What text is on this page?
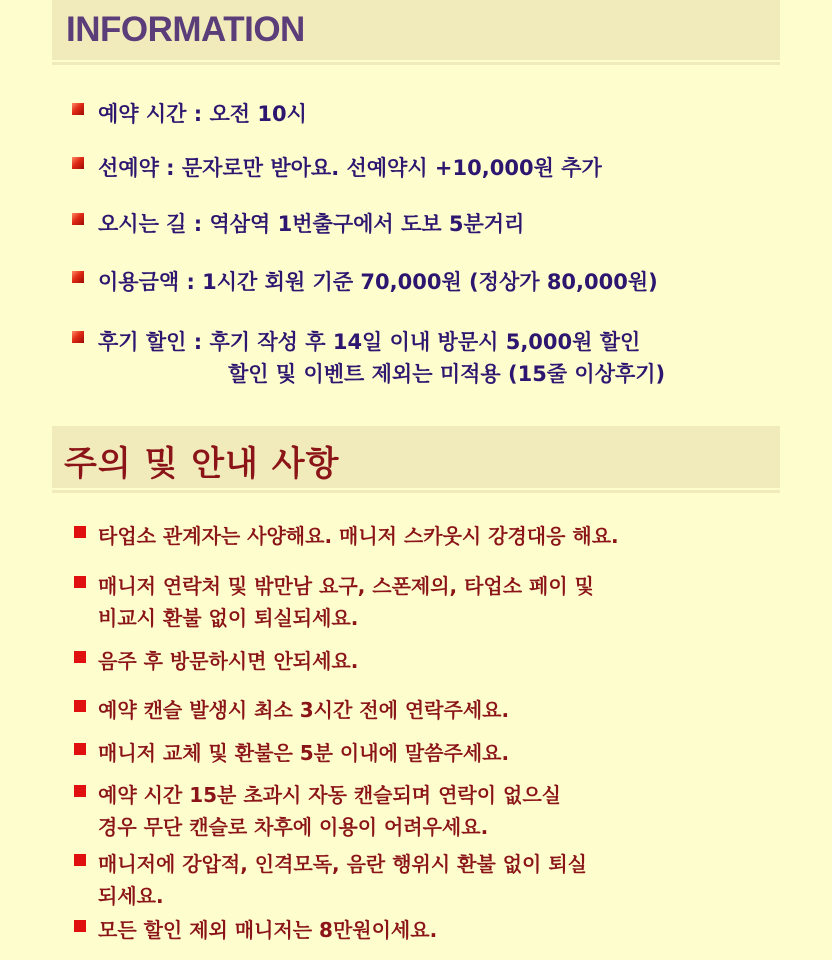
INFORMATION
예약 시간 : 오전 10시
선예약 : 문자로만 받아요. 선예약시 +10,000원 추가
오시는 길 : 역삼역 1번출구에서 도보 5분거리
이용금액 : 1시간 회원 기준 70,000원 (정상가 80,000원)
후기 할인 : 후기 작성 후 14일 이내 방문시 5,000원 할인
할인 및 이벤트 제외는 미적용 (15줄 이상후기)
주의 및 안내 사항
타업소 관계자는 사양해요. 매니저 스카웃시 강경대응 해요.
매니저 연락처 및 밖만남 요구, 스폰제의, 타업소 페이 및
비교시 환불 없이 퇴실되세요.
음주 후 방문하시면 안되세요.
예약 캔슬 발생시 최소 3시간 전에 연락주세요.
매니저 교체 및 환불은 5분 이내에 말씀주세요.
예약 시간 15분 초과시 자동 캔슬되며 연락이 없으실
경우 무단 캔슬로 차후에 이용이 어려우세요.
매니저에 강압적, 인격모독, 음란 행위시 환불 없이 퇴실
되세요.
모든 할인 제외 매니저는 8만원이세요.
